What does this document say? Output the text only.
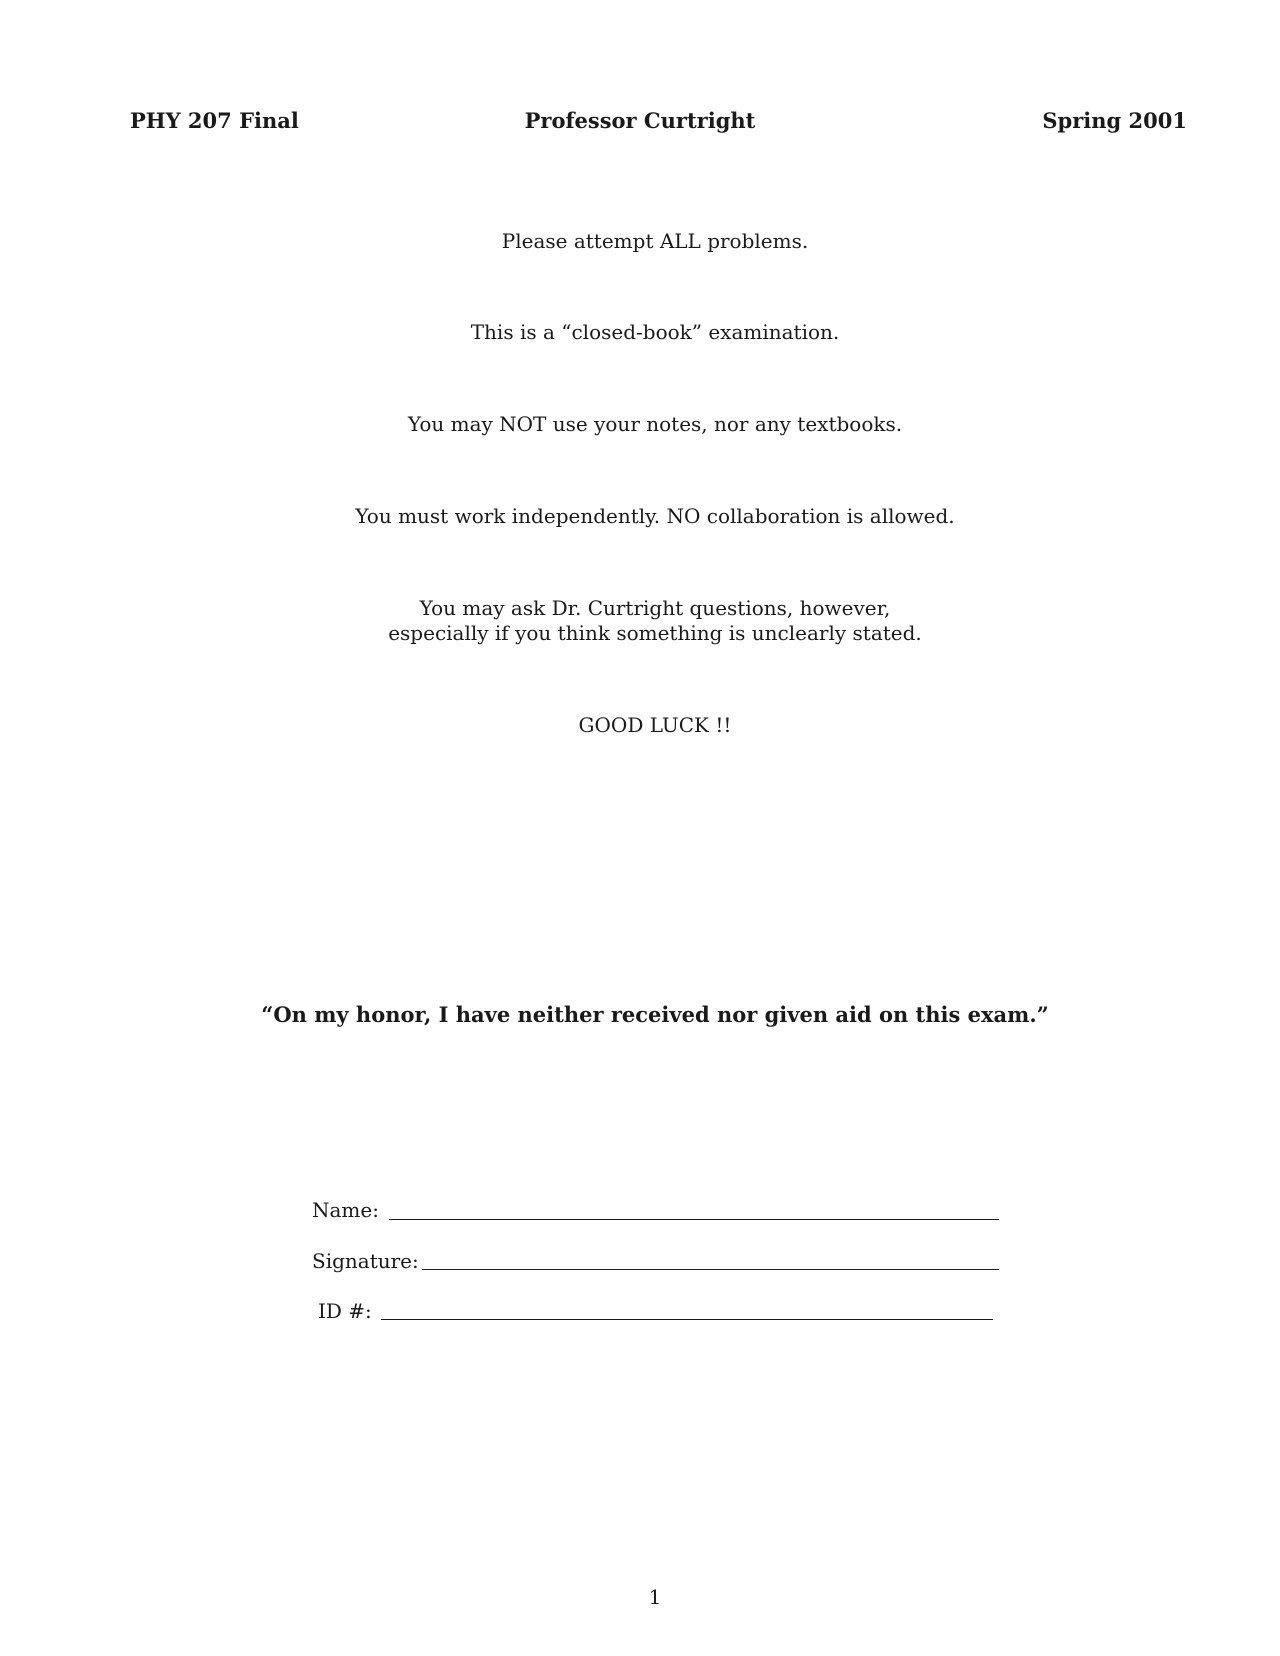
PHY 207 Final	Professor Curtright	Spring 2001
Please attempt ALL problems.
This is a “closed-book” examination.
You may NOT use your notes, nor any textbooks.
You must work independently. NO collaboration is allowed.
You may ask Dr. Curtright questions, however,
especially if you think something is unclearly stated.
GOOD LUCK !!
“On my honor, I have neither received nor given aid on this exam.”
Name:
Signature:
ID #:
1
